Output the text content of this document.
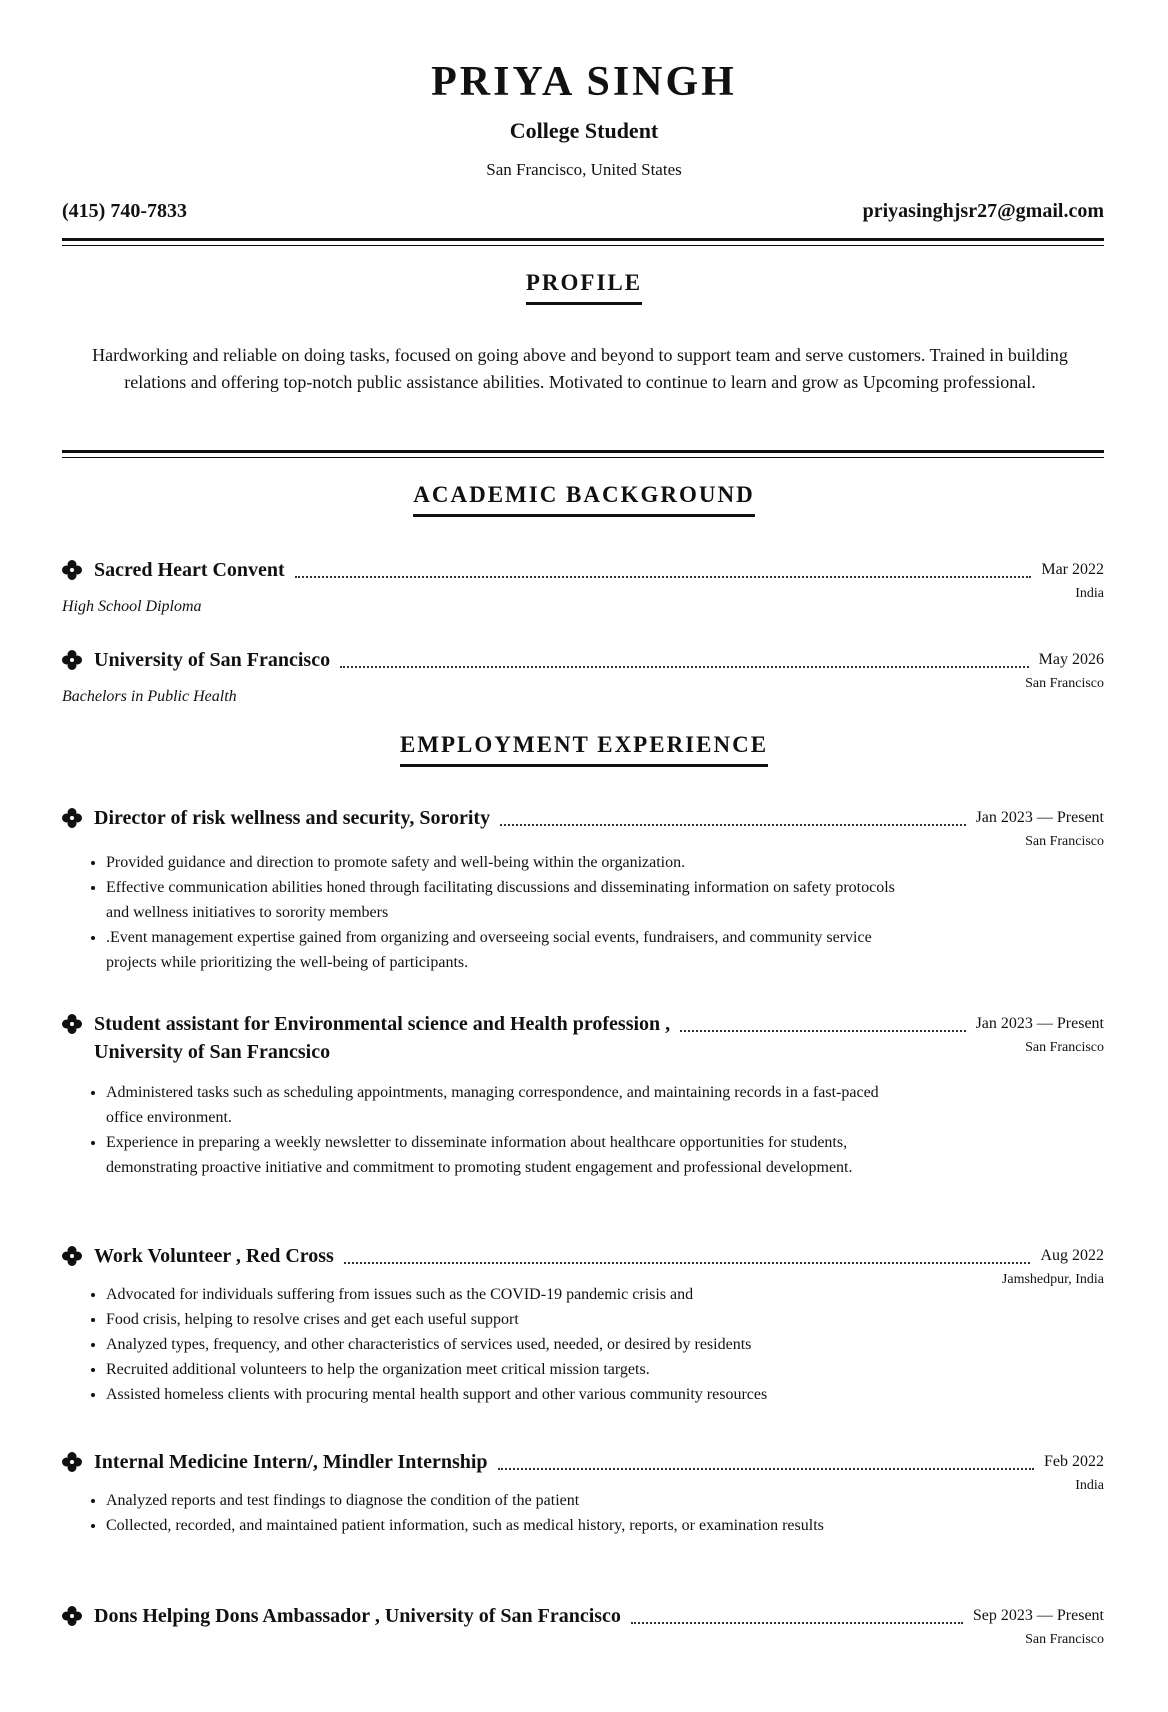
PRIYA SINGH
College Student
San Francisco, United States
(415) 740-7833	priyasinghjsr27@gmail.com
PROFILE
Hardworking and reliable on doing tasks, focused on going above and beyond to support team and serve customers. Trained in building relations and offering top-notch public assistance abilities. Motivated to continue to learn and grow as Upcoming professional.
ACADEMIC BACKGROUND
Sacred Heart Convent	Mar 2022
India
High School Diploma
University of San Francisco	May 2026
San Francisco
Bachelors in Public Health
EMPLOYMENT EXPERIENCE
Director of risk wellness and security, Sorority	Jan 2023 — Present
San Francisco
• Provided guidance and direction to promote safety and well-being within the organization.
• Effective communication abilities honed through facilitating discussions and disseminating information on safety protocols and wellness initiatives to sorority members
• .Event management expertise gained from organizing and overseeing social events, fundraisers, and community service projects while prioritizing the well-being of participants.
Student assistant for Environmental science and Health profession ,	Jan 2023 — Present
University of San Francsico	San Francisco
• Administered tasks such as scheduling appointments, managing correspondence, and maintaining records in a fast-paced office environment.
• Experience in preparing a weekly newsletter to disseminate information about healthcare opportunities for students, demonstrating proactive initiative and commitment to promoting student engagement and professional development.
Work Volunteer , Red Cross	Aug 2022
Jamshedpur, India
• Advocated for individuals suffering from issues such as the COVID-19 pandemic crisis and
• Food crisis, helping to resolve crises and get each useful support
• Analyzed types, frequency, and other characteristics of services used, needed, or desired by residents
• Recruited additional volunteers to help the organization meet critical mission targets.
• Assisted homeless clients with procuring mental health support and other various community resources
Internal Medicine Intern/, Mindler Internship	Feb 2022
India
• Analyzed reports and test findings to diagnose the condition of the patient
• Collected, recorded, and maintained patient information, such as medical history, reports, or examination results
Dons Helping Dons Ambassador , University of San Francisco	Sep 2023 — Present
San Francisco
